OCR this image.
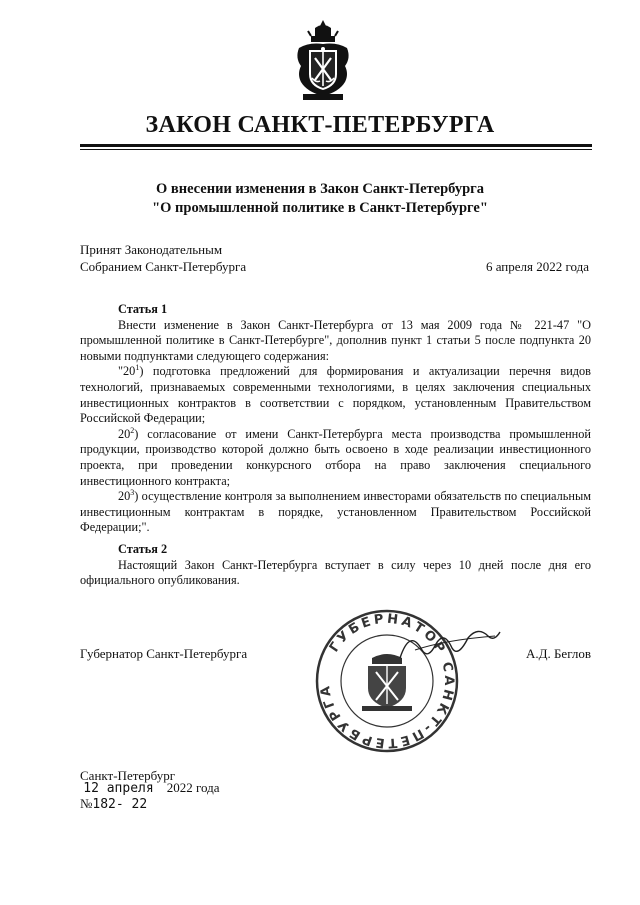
ЗАКОН САНКТ-ПЕТЕРБУРГА
О внесении изменения в Закон Санкт-Петербурга
"О промышленной политике в Санкт-Петербурге"
Принят Законодательным
Собранием Санкт-Петербурга	6 апреля 2022 года

Статья 1

Внести изменение в Закон Санкт-Петербурга от 13 мая 2009 года № 221-47 "О промышленной политике в Санкт-Петербурге", дополнив пункт 1 статьи 5 после подпункта 20 новыми подпунктами следующего содержания:

"$20^1$) подготовка предложений для формирования и актуализации перечня видов технологий, признаваемых современными технологиями, в целях заключения специальных инвестиционных контрактов в соответствии с порядком, установленным Правительством Российской Федерации;

$20^2$) согласование от имени Санкт-Петербурга места производства промышленной продукции, производство которой должно быть освоено в ходе реализации инвестиционного проекта, при проведении конкурсного отбора на право заключения специального инвестиционного контракта;

$20^3$) осуществление контроля за выполнением инвесторами обязательств по специальным инвестиционным контрактам в порядке, установленном Правительством Российской Федерации;".

Статья 2

Настоящий Закон Санкт-Петербурга вступает в силу через 10 дней после дня его официального опубликования.

Губернатор Санкт-Петербурга	А.Д. Беглов
ГУБЕРНАТОР САНКТ-ПЕТЕРБУРГА
Санкт-Петербург
12 апреля 2022 года
№182- 22
